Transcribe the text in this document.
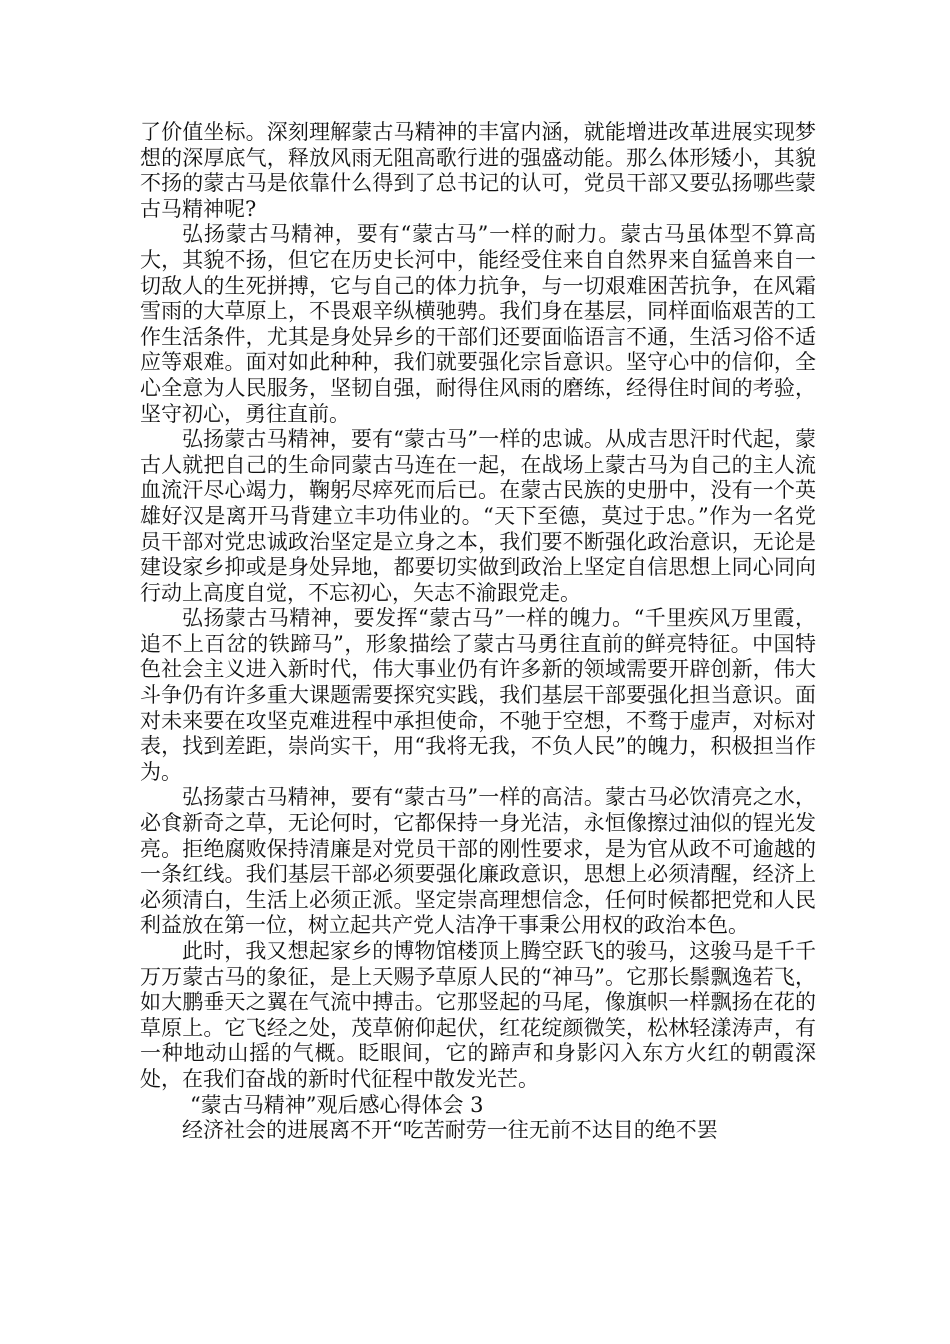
了价值坐标。深刻理解蒙古马精神的丰富内涵，就能增进改革进展实现梦想的深厚底气，释放风雨无阻高歌行进的强盛动能。那么体形矮小，其貌不扬的蒙古马是依靠什么得到了总书记的认可，党员干部又要弘扬哪些蒙古马精神呢?

弘扬蒙古马精神，要有“蒙古马”一样的耐力。蒙古马虽体型不算高大，其貌不扬，但它在历史长河中，能经受住来自自然界来自猛兽来自一切敌人的生死拼搏，它与自己的体力抗争，与一切艰难困苦抗争，在风霜雪雨的大草原上，不畏艰辛纵横驰骋。我们身在基层，同样面临艰苦的工作生活条件，尤其是身处异乡的干部们还要面临语言不通，生活习俗不适应等艰难。面对如此种种，我们就要强化宗旨意识。坚守心中的信仰，全心全意为人民服务，坚韧自强，耐得住风雨的磨练，经得住时间的考验，坚守初心，勇往直前。

弘扬蒙古马精神，要有“蒙古马”一样的忠诚。从成吉思汗时代起，蒙古人就把自己的生命同蒙古马连在一起，在战场上蒙古马为自己的主人流血流汗尽心竭力，鞠躬尽瘁死而后已。在蒙古民族的史册中，没有一个英雄好汉是离开马背建立丰功伟业的。“天下至德，莫过于忠。”作为一名党员干部对党忠诚政治坚定是立身之本，我们要不断强化政治意识，无论是建设家乡抑或是身处异地，都要切实做到政治上坚定自信思想上同心同向行动上高度自觉，不忘初心，矢志不渝跟党走。

弘扬蒙古马精神，要发挥“蒙古马”一样的魄力。“千里疾风万里霞，追不上百岔的铁蹄马”，形象描绘了蒙古马勇往直前的鲜亮特征。中国特色社会主义进入新时代，伟大事业仍有许多新的领域需要开辟创新，伟大斗争仍有许多重大课题需要探究实践，我们基层干部要强化担当意识。面对未来要在攻坚克难进程中承担使命，不驰于空想，不骛于虚声，对标对表，找到差距，崇尚实干，用“我将无我，不负人民”的魄力，积极担当作为。

弘扬蒙古马精神，要有“蒙古马”一样的高洁。蒙古马必饮清亮之水，必食新奇之草，无论何时，它都保持一身光洁，永恒像擦过油似的锃光发亮。拒绝腐败保持清廉是对党员干部的刚性要求，是为官从政不可逾越的一条红线。我们基层干部必须要强化廉政意识，思想上必须清醒，经济上必须清白，生活上必须正派。坚定崇高理想信念，任何时候都把党和人民利益放在第一位，树立起共产党人洁净干事秉公用权的政治本色。

此时，我又想起家乡的博物馆楼顶上腾空跃飞的骏马，这骏马是千千万万蒙古马的象征，是上天赐予草原人民的“神马”。它那长鬃飘逸若飞，如大鹏垂天之翼在气流中搏击。它那竖起的马尾，像旗帜一样飘扬在花的草原上。它飞经之处，茂草俯仰起伏，红花绽颜微笑，松林轻漾涛声，有一种地动山摇的气概。眨眼间，它的蹄声和身影闪入东方火红的朝霞深处，在我们奋战的新时代征程中散发光芒。

“蒙古马精神”观后感心得体会 3

经济社会的进展离不开“吃苦耐劳一往无前不达目的绝不罢
